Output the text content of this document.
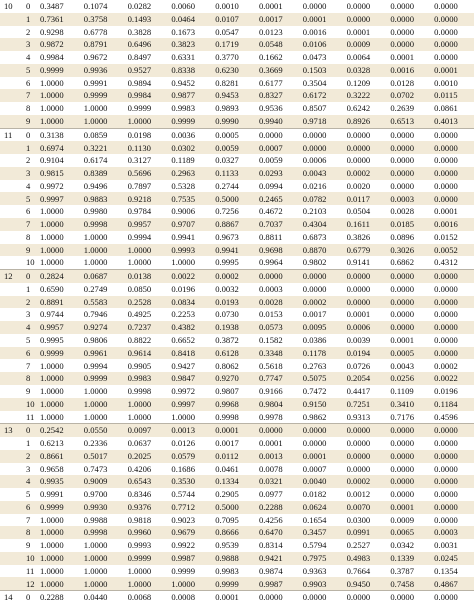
10	0	0.3487	0.1074	0.0282	0.0060	0.0010	0.0001	0.0000	0.0000	0.0000	0.0000
	1	0.7361	0.3758	0.1493	0.0464	0.0107	0.0017	0.0001	0.0000	0.0000	0.0000
	2	0.9298	0.6778	0.3828	0.1673	0.0547	0.0123	0.0016	0.0001	0.0000	0.0000
	3	0.9872	0.8791	0.6496	0.3823	0.1719	0.0548	0.0106	0.0009	0.0000	0.0000
	4	0.9984	0.9672	0.8497	0.6331	0.3770	0.1662	0.0473	0.0064	0.0001	0.0000
	5	0.9999	0.9936	0.9527	0.8338	0.6230	0.3669	0.1503	0.0328	0.0016	0.0001
	6	1.0000	0.9991	0.9894	0.9452	0.8281	0.6177	0.3504	0.1209	0.0128	0.0010
	7	1.0000	0.9999	0.9984	0.9877	0.9453	0.8327	0.6172	0.3222	0.0702	0.0115
	8	1.0000	1.0000	0.9999	0.9983	0.9893	0.9536	0.8507	0.6242	0.2639	0.0861
	9	1.0000	1.0000	1.0000	0.9999	0.9990	0.9940	0.9718	0.8926	0.6513	0.4013
11	0	0.3138	0.0859	0.0198	0.0036	0.0005	0.0000	0.0000	0.0000	0.0000	0.0000
	1	0.6974	0.3221	0.1130	0.0302	0.0059	0.0007	0.0000	0.0000	0.0000	0.0000
	2	0.9104	0.6174	0.3127	0.1189	0.0327	0.0059	0.0006	0.0000	0.0000	0.0000
	3	0.9815	0.8389	0.5696	0.2963	0.1133	0.0293	0.0043	0.0002	0.0000	0.0000
	4	0.9972	0.9496	0.7897	0.5328	0.2744	0.0994	0.0216	0.0020	0.0000	0.0000
	5	0.9997	0.9883	0.9218	0.7535	0.5000	0.2465	0.0782	0.0117	0.0003	0.0000
	6	1.0000	0.9980	0.9784	0.9006	0.7256	0.4672	0.2103	0.0504	0.0028	0.0001
	7	1.0000	0.9998	0.9957	0.9707	0.8867	0.7037	0.4304	0.1611	0.0185	0.0016
	8	1.0000	1.0000	0.9994	0.9941	0.9673	0.8811	0.6873	0.3826	0.0896	0.0152
	9	1.0000	1.0000	1.0000	0.9993	0.9941	0.9698	0.8870	0.6779	0.3026	0.0052
	10	1.0000	1.0000	1.0000	1.0000	0.9995	0.9964	0.9802	0.9141	0.6862	0.4312
12	0	0.2824	0.0687	0.0138	0.0022	0.0002	0.0000	0.0000	0.0000	0.0000	0.0000
	1	0.6590	0.2749	0.0850	0.0196	0.0032	0.0003	0.0000	0.0000	0.0000	0.0000
	2	0.8891	0.5583	0.2528	0.0834	0.0193	0.0028	0.0002	0.0000	0.0000	0.0000
	3	0.9744	0.7946	0.4925	0.2253	0.0730	0.0153	0.0017	0.0001	0.0000	0.0000
	4	0.9957	0.9274	0.7237	0.4382	0.1938	0.0573	0.0095	0.0006	0.0000	0.0000
	5	0.9995	0.9806	0.8822	0.6652	0.3872	0.1582	0.0386	0.0039	0.0001	0.0000
	6	0.9999	0.9961	0.9614	0.8418	0.6128	0.3348	0.1178	0.0194	0.0005	0.0000
	7	1.0000	0.9994	0.9905	0.9427	0.8062	0.5618	0.2763	0.0726	0.0043	0.0002
	8	1.0000	0.9999	0.9983	0.9847	0.9270	0.7747	0.5075	0.2054	0.0256	0.0022
	9	1.0000	1.0000	0.9998	0.9972	0.9807	0.9166	0.7472	0.4417	0.1109	0.0196
	10	1.0000	1.0000	1.0000	0.9997	0.9968	0.9804	0.9150	0.7251	0.3410	0.1184
	11	1.0000	1.0000	1.0000	1.0000	0.9998	0.9978	0.9862	0.9313	0.7176	0.4596
13	0	0.2542	0.0550	0.0097	0.0013	0.0001	0.0000	0.0000	0.0000	0.0000	0.0000
	1	0.6213	0.2336	0.0637	0.0126	0.0017	0.0001	0.0000	0.0000	0.0000	0.0000
	2	0.8661	0.5017	0.2025	0.0579	0.0112	0.0013	0.0001	0.0000	0.0000	0.0000
	3	0.9658	0.7473	0.4206	0.1686	0.0461	0.0078	0.0007	0.0000	0.0000	0.0000
	4	0.9935	0.9009	0.6543	0.3530	0.1334	0.0321	0.0040	0.0002	0.0000	0.0000
	5	0.9991	0.9700	0.8346	0.5744	0.2905	0.0977	0.0182	0.0012	0.0000	0.0000
	6	0.9999	0.9930	0.9376	0.7712	0.5000	0.2288	0.0624	0.0070	0.0001	0.0000
	7	1.0000	0.9988	0.9818	0.9023	0.7095	0.4256	0.1654	0.0300	0.0009	0.0000
	8	1.0000	0.9998	0.9960	0.9679	0.8666	0.6470	0.3457	0.0991	0.0065	0.0003
	9	1.0000	1.0000	0.9993	0.9922	0.9539	0.8314	0.5794	0.2527	0.0342	0.0031
	10	1.0000	1.0000	0.9999	0.9987	0.9888	0.9421	0.7975	0.4983	0.1339	0.0245
	11	1.0000	1.0000	1.0000	0.9999	0.9983	0.9874	0.9363	0.7664	0.3787	0.1354
	12	1.0000	1.0000	1.0000	1.0000	0.9999	0.9987	0.9903	0.9450	0.7458	0.4867
14	0	0.2288	0.0440	0.0068	0.0008	0.0001	0.0000	0.0000	0.0000	0.0000	0.0000
